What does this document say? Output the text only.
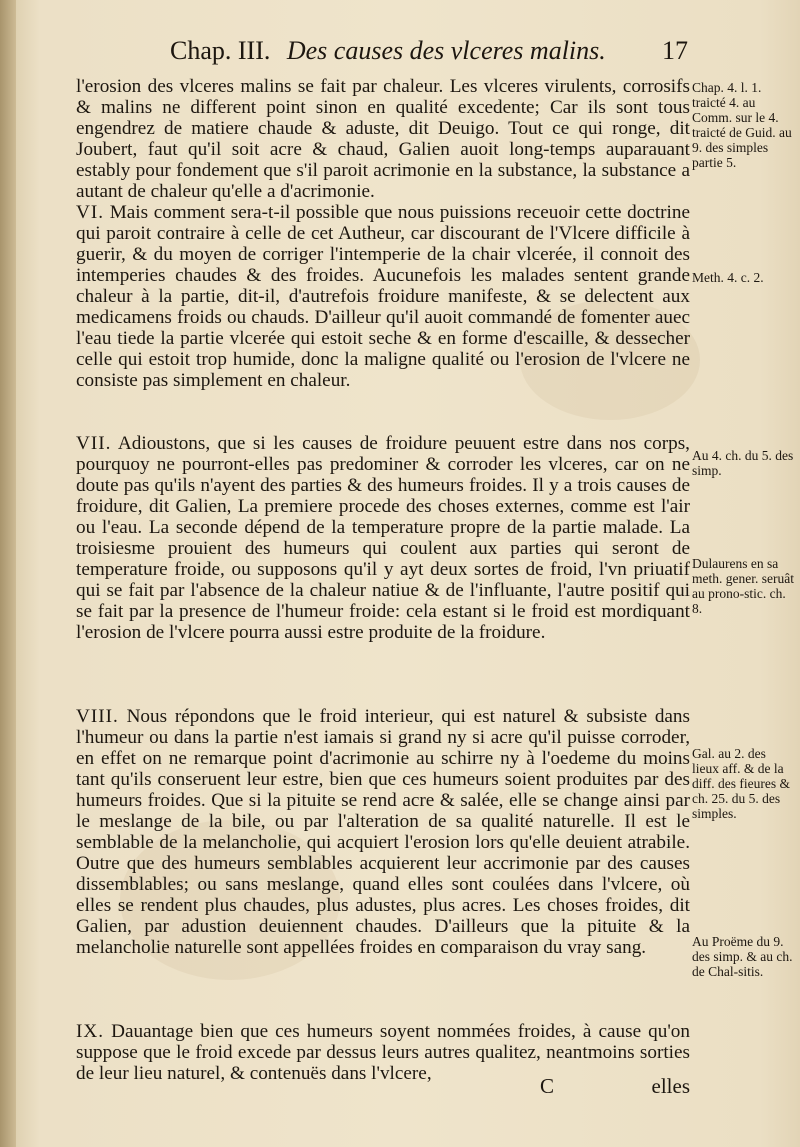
Chap. III. Des causes des vlceres malins. 17

l'erosion des vlceres malins se fait par chaleur. Les vlceres virulents, corrosifs & malins ne different point sinon en qualité excedente; Car ils sont tous engendrez de matiere chaude & aduste, dit Deuigo. Tout ce qui ronge, dit Joubert, faut qu'il soit acre & chaud, Galien auoit long-temps auparauant estably pour fondement que s'il paroit acrimonie en la substance, la substance a autant de chaleur qu'elle a d'acrimonie.

VI. Mais comment sera-t-il possible que nous puissions receuoir cette doctrine qui paroit contraire à celle de cet Autheur, car discourant de l'Vlcere difficile à guerir, & du moyen de corriger l'intemperie de la chair vlcerée, il connoit des intemperies chaudes & des froides. Aucunefois les malades sentent grande chaleur à la partie, dit-il, d'autrefois froidure manifeste, & se delectent aux medicamens froids ou chauds. D'ailleur qu'il auoit commandé de fomenter auec l'eau tiede la partie vlcerée qui estoit seche & en forme d'escaille, & dessecher celle qui estoit trop humide, donc la maligne qualité ou l'erosion de l'vlcere ne consiste pas simplement en chaleur.

VII. Adioustons, que si les causes de froidure peuuent estre dans nos corps, pourquoy ne pourront-elles pas predominer & corroder les vlceres, car on ne doute pas qu'ils n'ayent des parties & des humeurs froides. Il y a trois causes de froidure, dit Galien, La premiere procede des choses externes, comme est l'air ou l'eau. La seconde dépend de la temperature propre de la partie malade. La troisiesme prouient des humeurs qui coulent aux parties qui seront de temperature froide, ou supposons qu'il y ayt deux sortes de froid, l'vn priuatif qui se fait par l'absence de la chaleur natiue & de l'influante, l'autre positif qui se fait par la presence de l'humeur froide: cela estant si le froid est mordiquant l'erosion de l'vlcere pourra aussi estre produite de la froidure.

VIII. Nous répondons que le froid interieur, qui est naturel & subsiste dans l'humeur ou dans la partie n'est iamais si grand ny si acre qu'il puisse corroder, en effet on ne remarque point d'acrimonie au schirre ny à l'oedeme du moins tant qu'ils conseruent leur estre, bien que ces humeurs soient produites par des humeurs froides. Que si la pituite se rend acre & salée, elle se change ainsi par le meslange de la bile, ou par l'alteration de sa qualité naturelle. Il est le semblable de la melancholie, qui acquiert l'erosion lors qu'elle deuient atrabile. Outre que des humeurs semblables acquierent leur accrimonie par des causes dissemblables; ou sans meslange, quand elles sont coulées dans l'vlcere, où elles se rendent plus chaudes, plus adustes, plus acres. Les choses froides, dit Galien, par adustion deuiennent chaudes. D'ailleurs que la pituite & la melancholie naturelle sont appellées froides en comparaison du vray sang.

IX. Dauantage bien que ces humeurs soyent nommées froides, à cause qu'on suppose que le froid excede par dessus leurs autres qualitez, neantmoins sorties de leur lieu naturel, & contenuës dans l'vlcere,

Chap. 4. l. 1. traicté 4. au Comm. sur le 4. traicté de Guid. au 9. des simples partie 5.
Meth. 4. c. 2.
Au 4. ch. du 5. des simp.
Dulaurens en sa meth. gener. seruât au prono-stic. ch. 8.
Gal. au 2. des lieux aff. & de la diff. des fieures & ch. 25. du 5. des simples.
Au Proëme du 9. des simp. & au ch. de Chal-sitis.
C	elles
